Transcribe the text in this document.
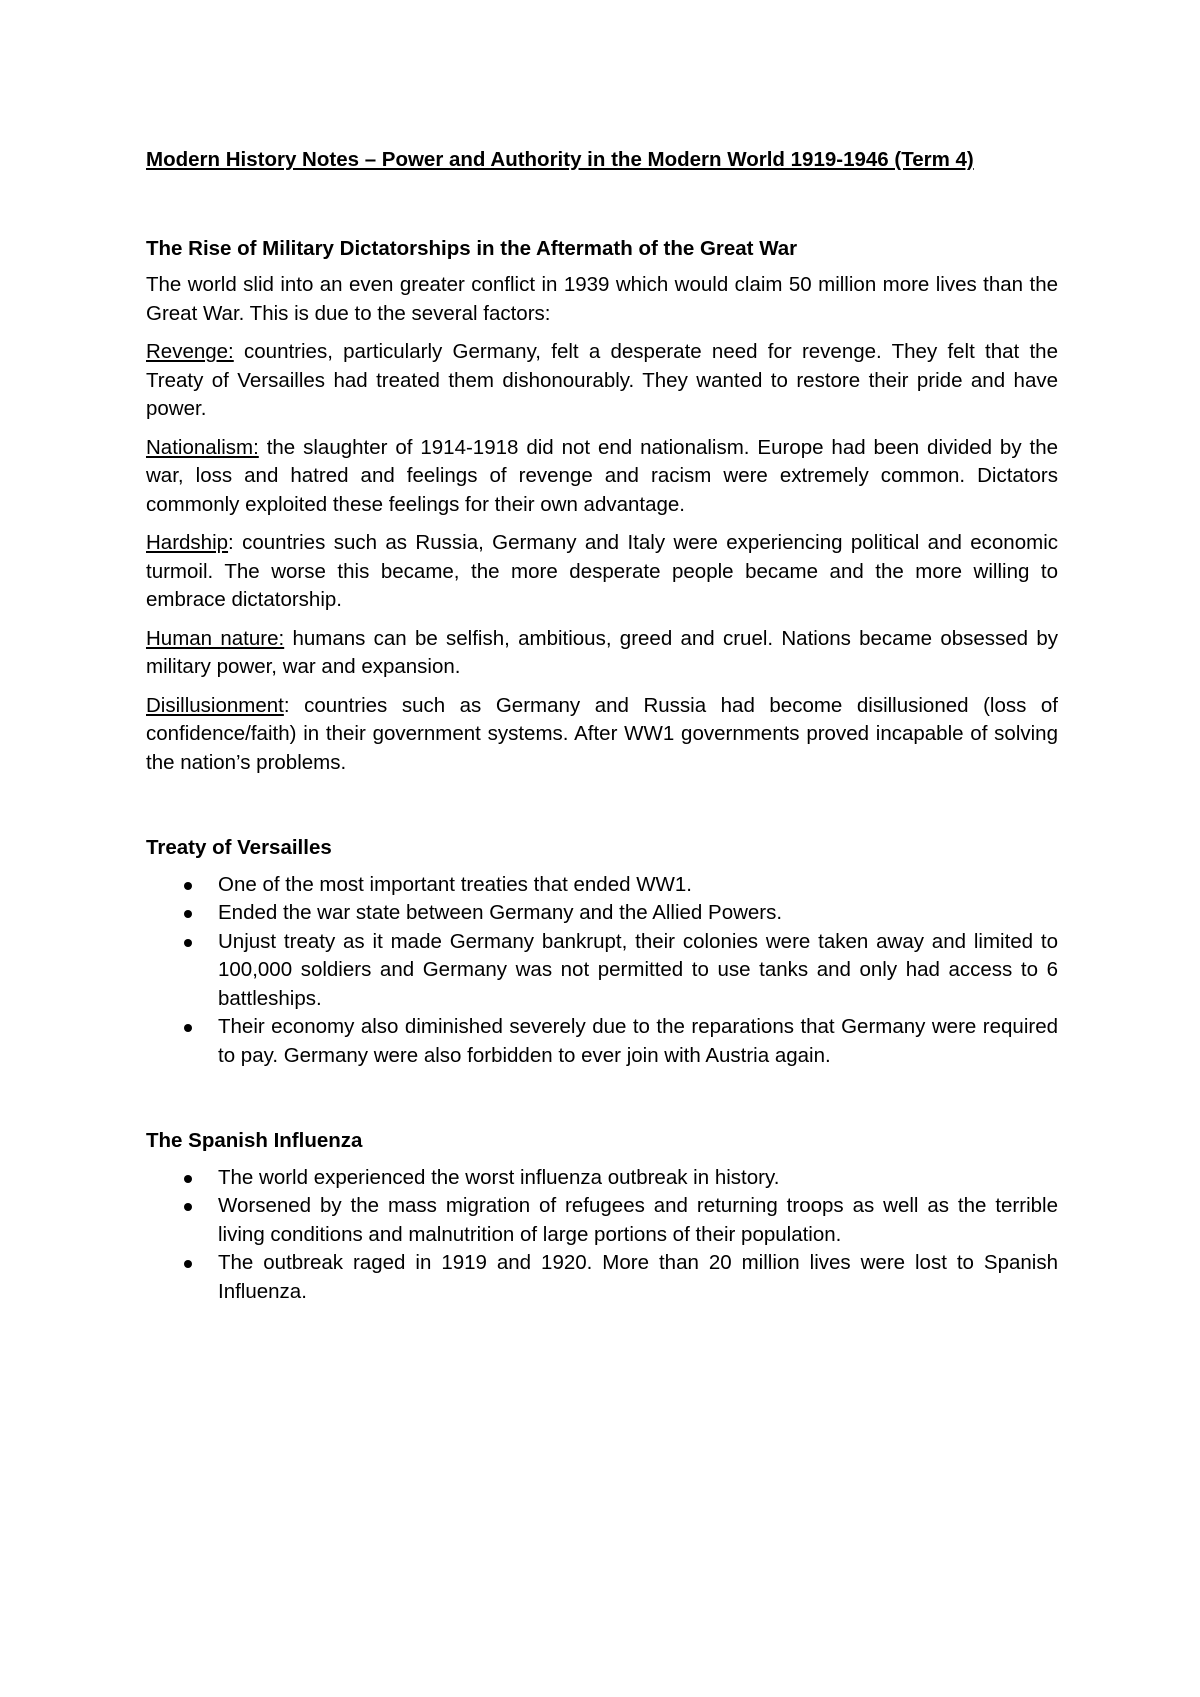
Modern History Notes – Power and Authority in the Modern World 1919-1946 (Term 4)
The Rise of Military Dictatorships in the Aftermath of the Great War

The world slid into an even greater conflict in 1939 which would claim 50 million more lives than the Great War. This is due to the several factors:

Revenge: countries, particularly Germany, felt a desperate need for revenge. They felt that the Treaty of Versailles had treated them dishonourably. They wanted to restore their pride and have power.

Nationalism: the slaughter of 1914-1918 did not end nationalism. Europe had been divided by the war, loss and hatred and feelings of revenge and racism were extremely common. Dictators commonly exploited these feelings for their own advantage.

Hardship: countries such as Russia, Germany and Italy were experiencing political and economic turmoil. The worse this became, the more desperate people became and the more willing to embrace dictatorship.

Human nature: humans can be selfish, ambitious, greed and cruel. Nations became obsessed by military power, war and expansion.

Disillusionment: countries such as Germany and Russia had become disillusioned (loss of confidence/faith) in their government systems. After WW1 governments proved incapable of solving the nation’s problems.

Treaty of Versailles
One of the most important treaties that ended WW1.
Ended the war state between Germany and the Allied Powers.
Unjust treaty as it made Germany bankrupt, their colonies were taken away and limited to 100,000 soldiers and Germany was not permitted to use tanks and only had access to 6 battleships.
Their economy also diminished severely due to the reparations that Germany were required to pay. Germany were also forbidden to ever join with Austria again.
The Spanish Influenza
The world experienced the worst influenza outbreak in history.
Worsened by the mass migration of refugees and returning troops as well as the terrible living conditions and malnutrition of large portions of their population.
The outbreak raged in 1919 and 1920. More than 20 million lives were lost to Spanish Influenza.
